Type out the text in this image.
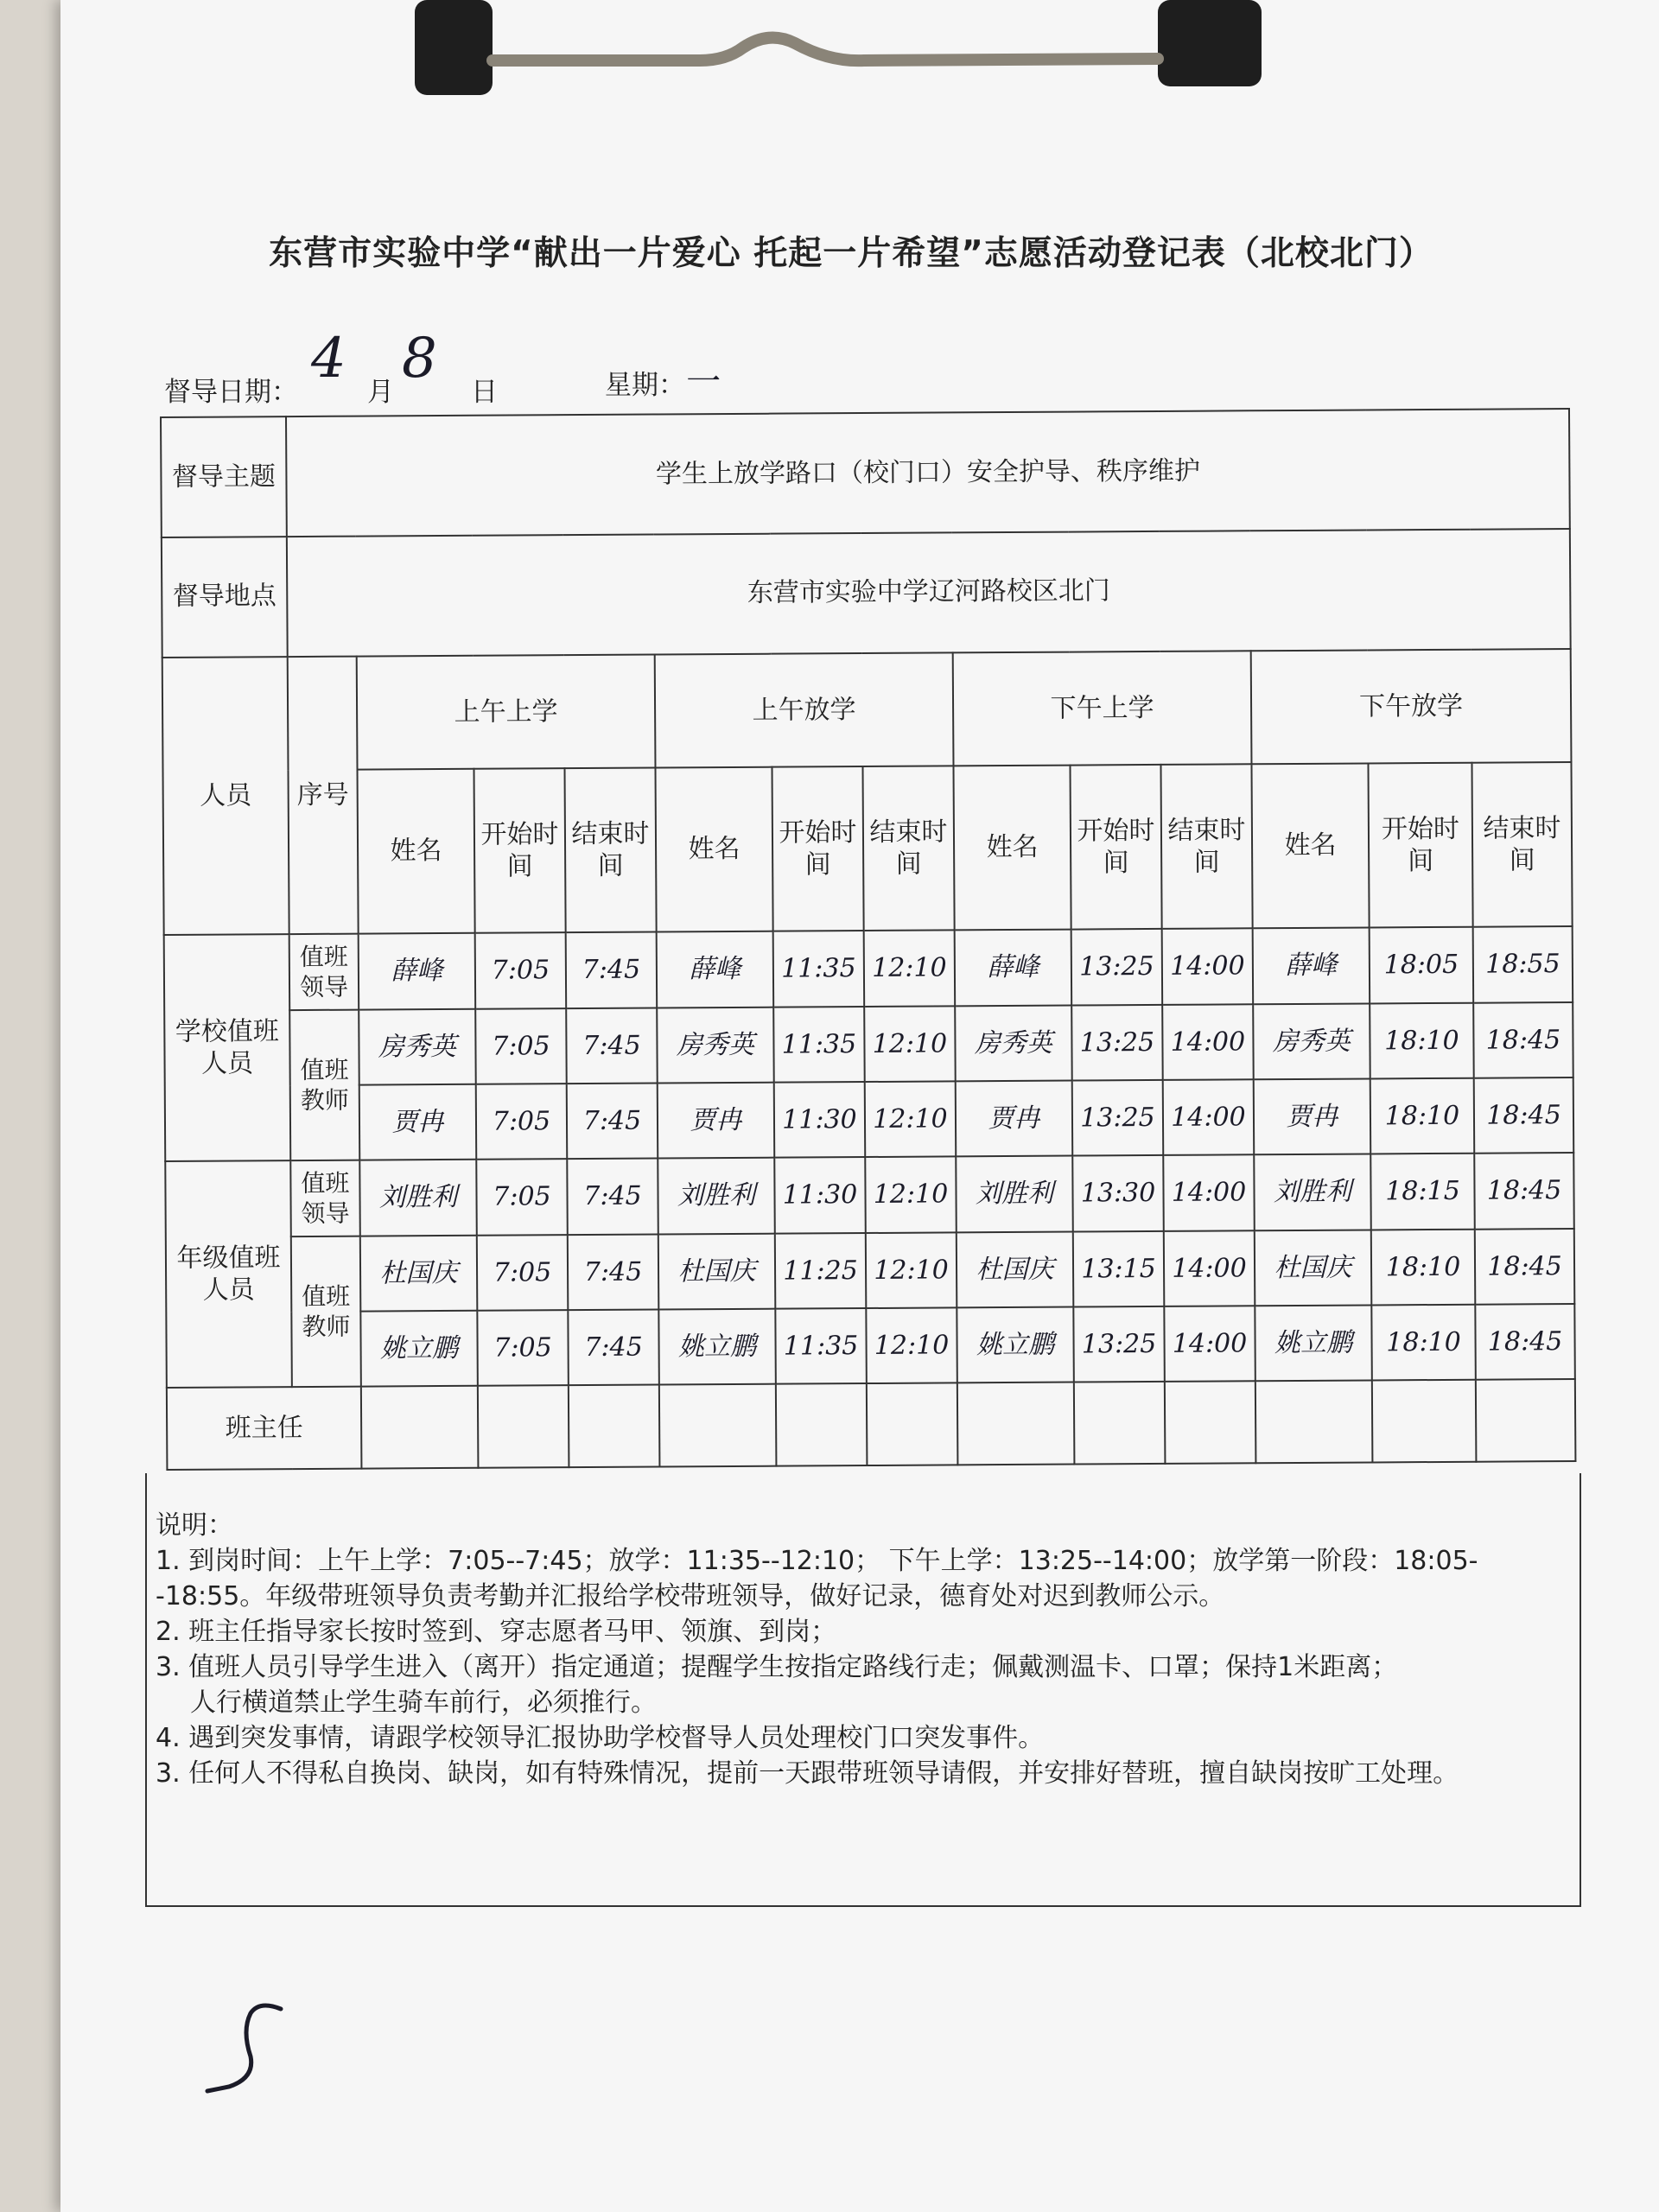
东营市实验中学“献出一片爱心 托起一片希望”志愿活动登记表（北校北门）
督导日期：
4
月
8
日	星期：
一
督导主题	学生上放学路口（校门口）安全护导、秩序维护												
督导地点	东营市实验中学辽河路校区北门												
人员	序号	上午上学			上午放学			下午上学			下午放学		
		姓名	开始时间	结束时间	姓名	开始时间	结束时间	姓名	开始时间	结束时间	姓名	开始时间	结束时间
学校值班人员	值班领导	薛峰	7:05	7:45	薛峰	11:35	12:10	薛峰	13:25	14:00	薛峰	18:05	18:55
	值班教师	房秀英	7:05	7:45	房秀英	11:35	12:10	房秀英	13:25	14:00	房秀英	18:10	18:45
		贾冉	7:05	7:45	贾冉	11:30	12:10	贾冉	13:25	14:00	贾冉	18:10	18:45
年级值班人员	值班领导	刘胜利	7:05	7:45	刘胜利	11:30	12:10	刘胜利	13:30	14:00	刘胜利	18:15	18:45
	值班教师	杜国庆	7:05	7:45	杜国庆	11:25	12:10	杜国庆	13:15	14:00	杜国庆	18:10	18:45
		姚立鹏	7:05	7:45	姚立鹏	11:35	12:10	姚立鹏	13:25	14:00	姚立鹏	18:10	18:45
班主任													

说明：

1. 到岗时间：上午上学：7:05--7:45；放学：11:35--12:10； 下午上学：13:25--14:00；放学第一阶段：18:05--18:55。年级带班领导负责考勤并汇报给学校带班领导，做好记录，德育处对迟到教师公示。

2. 班主任指导家长按时签到、穿志愿者马甲、领旗、到岗；

3. 值班人员引导学生进入（离开）指定通道；提醒学生按指定路线行走；佩戴测温卡、口罩；保持1米距离；

人行横道禁止学生骑车前行，必须推行。

4. 遇到突发事情，请跟学校领导汇报协助学校督导人员处理校门口突发事件。

3. 任何人不得私自换岗、缺岗，如有特殊情况，提前一天跟带班领导请假，并安排好替班，擅自缺岗按旷工处理。
